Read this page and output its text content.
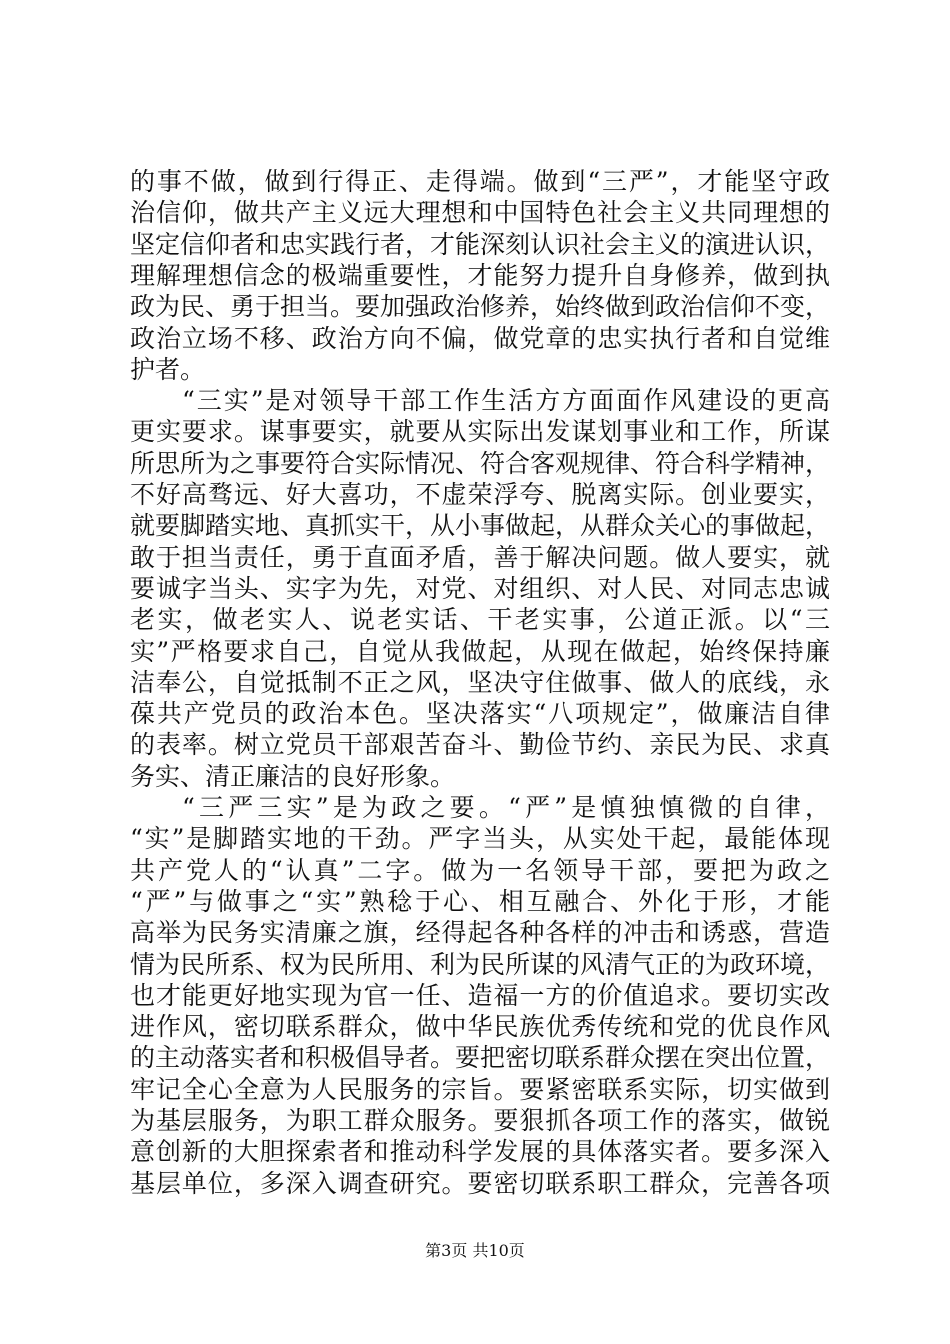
的事不做，做到行得正、走得端。做到“三严”，才能坚守政
治信仰，做共产主义远大理想和中国特色社会主义共同理想的
坚定信仰者和忠实践行者，才能深刻认识社会主义的演进认识，
理解理想信念的极端重要性，才能努力提升自身修养，做到执
政为民、勇于担当。要加强政治修养，始终做到政治信仰不变，
政治立场不移、政治方向不偏，做党章的忠实执行者和自觉维
护者。
“三实”是对领导干部工作生活方方面面作风建设的更高
更实要求。谋事要实，就要从实际出发谋划事业和工作，所谋
所思所为之事要符合实际情况、符合客观规律、符合科学精神，
不好高骛远、好大喜功，不虚荣浮夸、脱离实际。创业要实，
就要脚踏实地、真抓实干，从小事做起，从群众关心的事做起，
敢于担当责任，勇于直面矛盾，善于解决问题。做人要实，就
要诚字当头、实字为先，对党、对组织、对人民、对同志忠诚
老实，做老实人、说老实话、干老实事，公道正派。以“三
实”严格要求自己，自觉从我做起，从现在做起，始终保持廉
洁奉公，自觉抵制不正之风，坚决守住做事、做人的底线，永
葆共产党员的政治本色。坚决落实“八项规定”，做廉洁自律
的表率。树立党员干部艰苦奋斗、勤俭节约、亲民为民、求真
务实、清正廉洁的良好形象。
“三严三实”是为政之要。“严”是慎独慎微的自律，
“实”是脚踏实地的干劲。严字当头，从实处干起，最能体现
共产党人的“认真”二字。做为一名领导干部，要把为政之
“严”与做事之“实”熟稔于心、相互融合、外化于形，才能
高举为民务实清廉之旗，经得起各种各样的冲击和诱惑，营造
情为民所系、权为民所用、利为民所谋的风清气正的为政环境，
也才能更好地实现为官一任、造福一方的价值追求。要切实改
进作风，密切联系群众，做中华民族优秀传统和党的优良作风
的主动落实者和积极倡导者。要把密切联系群众摆在突出位置，
牢记全心全意为人民服务的宗旨。要紧密联系实际，切实做到
为基层服务，为职工群众服务。要狠抓各项工作的落实，做锐
意创新的大胆探索者和推动科学发展的具体落实者。要多深入
基层单位，多深入调查研究。要密切联系职工群众，完善各项
第3页 共10页
